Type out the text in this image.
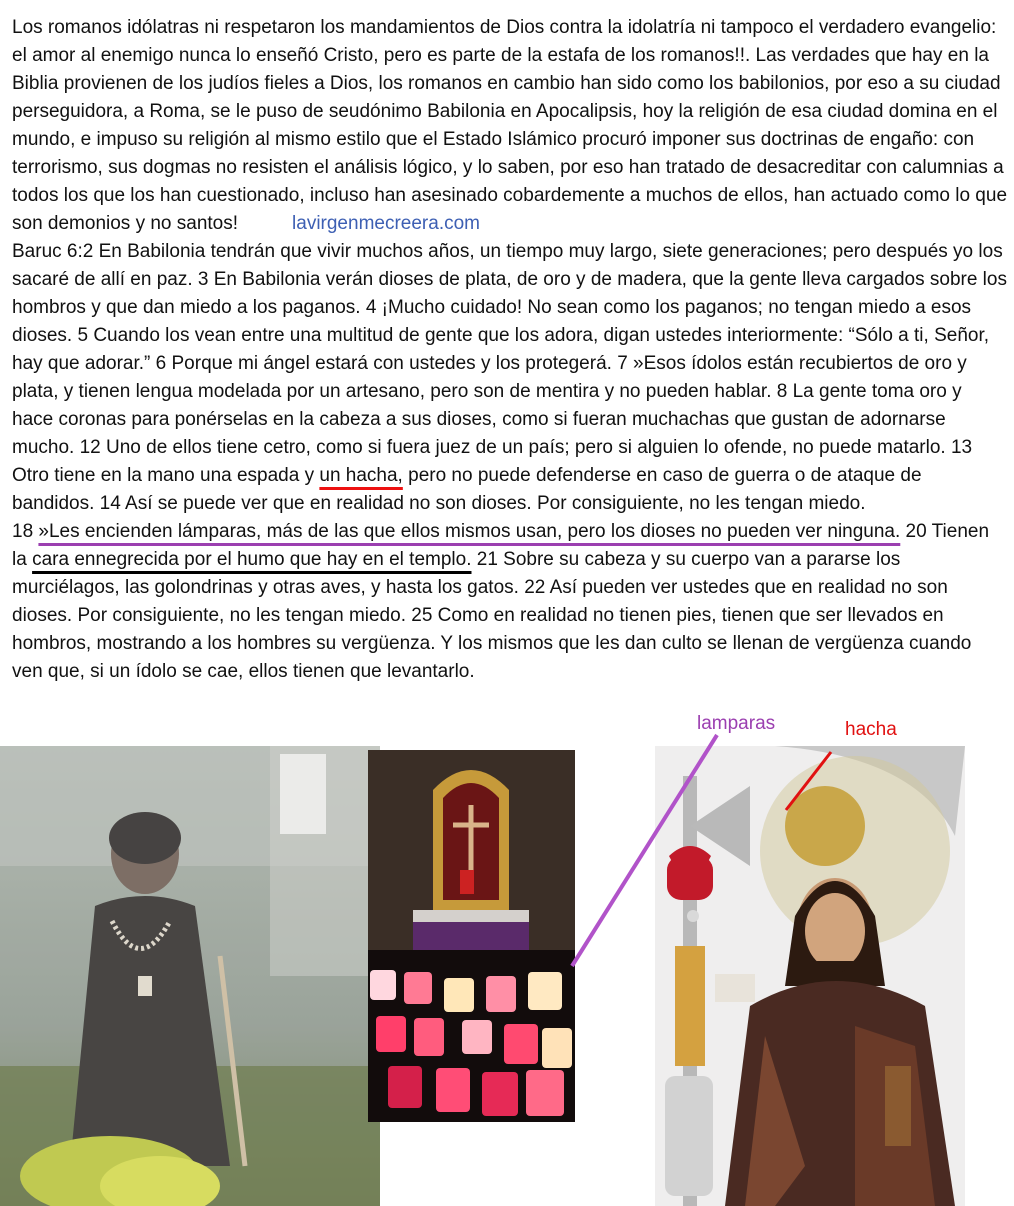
Los romanos idólatras ni respetaron los mandamientos de Dios contra la idolatría ni tampoco el verdadero evangelio: el amor al enemigo nunca lo enseñó Cristo, pero es parte de la estafa de los romanos!!. Las verdades que hay en la Biblia provienen de los judíos fieles a Dios, los romanos en cambio han sido como los babilonios, por eso a su ciudad perseguidora, a Roma, se le puso de seudónimo Babilonia en Apocalipsis, hoy la religión de esa ciudad domina en el mundo, e impuso su religión al mismo estilo que el Estado Islámico procuró imponer sus doctrinas de engaño: con terrorismo, sus dogmas no resisten el análisis lógico, y lo saben, por eso han tratado de desacreditar con calumnias a todos los que los han cuestionado, incluso han asesinado cobardemente a muchos de ellos, han actuado como lo que son demonios y no santos!	lavirgenmecreera.com

Baruc 6:2 En Babilonia tendrán que vivir muchos años, un tiempo muy largo, siete generaciones; pero después yo los sacaré de allí en paz. 3 En Babilonia verán dioses de plata, de oro y de madera, que la gente lleva cargados sobre los hombros y que dan miedo a los paganos. 4 ¡Mucho cuidado! No sean como los paganos; no tengan miedo a esos dioses. 5 Cuando los vean entre una multitud de gente que los adora, digan ustedes interiormente: “Sólo a ti, Señor, hay que adorar.” 6 Porque mi ángel estará con ustedes y los protegerá. 7 »Esos ídolos están recubiertos de oro y plata, y tienen lengua modelada por un artesano, pero son de mentira y no pueden hablar. 8 La gente toma oro y hace coronas para ponérselas en la cabeza a sus dioses, como si fueran muchachas que gustan de adornarse mucho. 12 Uno de ellos tiene cetro, como si fuera juez de un país; pero si alguien lo ofende, no puede matarlo. 13 Otro tiene en la mano una espada y un hacha, pero no puede defenderse en caso de guerra o de ataque de bandidos. 14 Así se puede ver que en realidad no son dioses. Por consiguiente, no les tengan miedo.

18 »Les encienden lámparas, más de las que ellos mismos usan, pero los dioses no pueden ver ninguna. 20 Tienen la cara ennegrecida por el humo que hay en el templo. 21 Sobre su cabeza y su cuerpo van a pararse los murciélagos, las golondrinas y otras aves, y hasta los gatos. 22 Así pueden ver ustedes que en realidad no son dioses. Por consiguiente, no les tengan miedo. 25 Como en realidad no tienen pies, tienen que ser llevados en hombros, mostrando a los hombres su vergüenza. Y los mismos que les dan culto se llenan de vergüenza cuando ven que, si un ídolo se cae, ellos tienen que levantarlo.

lamparas	hacha
